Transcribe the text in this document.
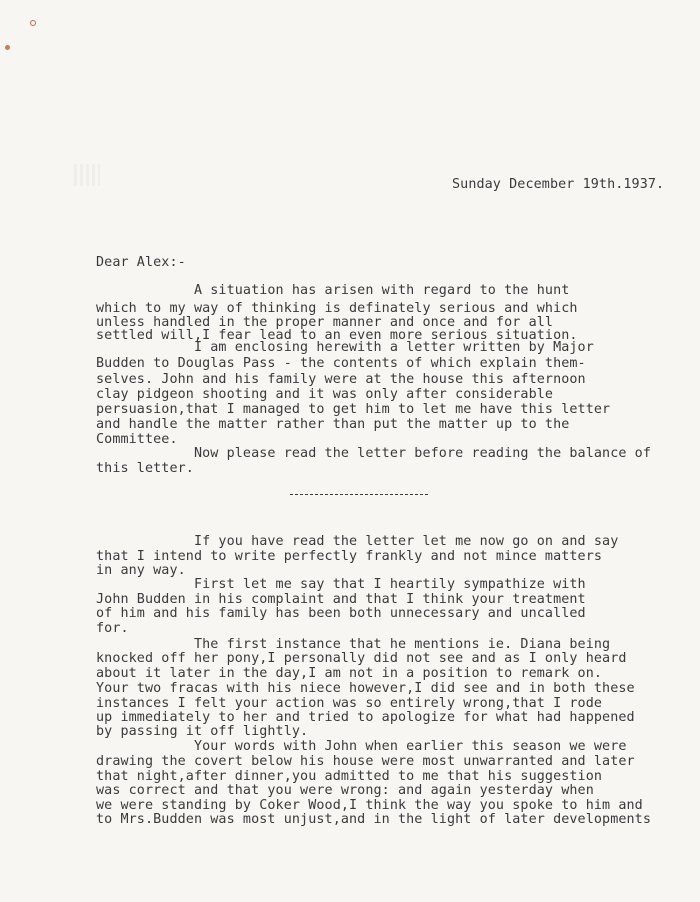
Sunday December 19th.1937.
Dear Alex:-
A situation has arisen with regard to the hunt
which to my way of thinking is definately serious and which
unless handled in the proper manner and once and for all
settled will,I fear lead to an even more serious situation.
I am enclosing herewith a letter written by Major
Budden to Douglas Pass - the contents of which explain them-
selves. John and his family were at the house this afternoon
clay pidgeon shooting and it was only after considerable
persuasion,that I managed to get him to let me have this letter
and handle the matter rather than put the matter up to the
Committee.
Now please read the letter before reading the balance of
this letter.
If you have read the letter let me now go on and say
that I intend to write perfectly frankly and not mince matters
in any way.
First let me say that I heartily sympathize with
John Budden in his complaint and that I think your treatment
of him and his family has been both unnecessary and uncalled
for.
The first instance that he mentions ie. Diana being
knocked off her pony,I personally did not see and as I only heard
about it later in the day,I am not in a position to remark on.
Your two fracas with his niece however,I did see and in both these
instances I felt your action was so entirely wrong,that I rode
up immediately to her and tried to apologize for what had happened
by passing it off lightly.
Your words with John when earlier this season we were
drawing the covert below his house were most unwarranted and later
that night,after dinner,you admitted to me that his suggestion
was correct and that you were wrong: and again yesterday when
we were standing by Coker Wood,I think the way you spoke to him and
to Mrs.Budden was most unjust,and in the light of later developments
